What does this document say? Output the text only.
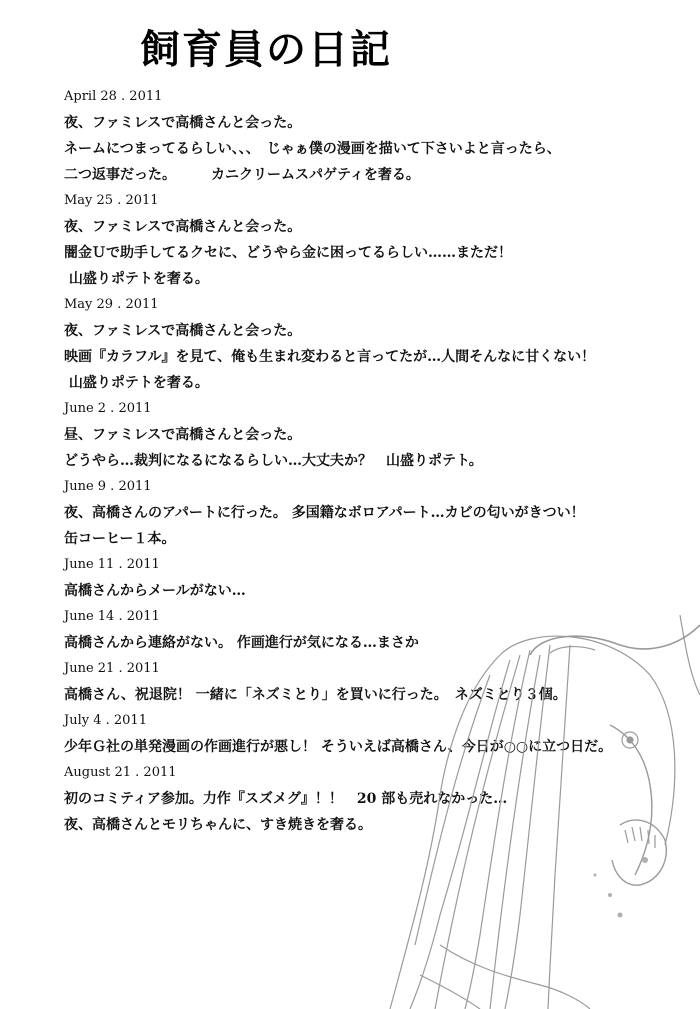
飼育員の日記
April 28 . 2011
夜、ファミレスで高橋さんと会った。
ネームにつまってるらしい、、、　じゃぁ僕の漫画を描いて下さいよと言ったら、
二つ返事だった。　　　カニクリームスパゲティを奢る。
May 25 . 2011
夜、ファミレスで高橋さんと会った。
闇金Ｕで助手してるクセに、どうやら金に困ってるらしい……まただ！
山盛りポテトを奢る。
May 29 . 2011
夜、ファミレスで高橋さんと会った。
映画『カラフル』を見て、俺も生まれ変わると言ってたが…人間そんなに甘くない！
山盛りポテトを奢る。
June 2 . 2011
昼、ファミレスで高橋さんと会った。
どうやら…裁判になるになるらしい…大丈夫か？　山盛りポテト。
June 9 . 2011
夜、高橋さんのアパートに行った。 多国籍なボロアパート…カビの匂いがきつい！
缶コーヒー１本。
June 11 . 2011
高橋さんからメールがない…
June 14 . 2011
高橋さんから連絡がない。 作画進行が気になる…まさか
June 21 . 2011
高橋さん、祝退院！ 一緒に「ネズミとり」を買いに行った。　ネズミとり３個。
July 4 . 2011
少年Ｇ社の単発漫画の作画進行が悪し！ そういえば高橋さん、今日が○○に立つ日だ。
August 21 . 2011
初のコミティア参加。力作『スズメグ』！！　20 部も売れなかった…
夜、高橋さんとモリちゃんに、すき焼きを奢る。
